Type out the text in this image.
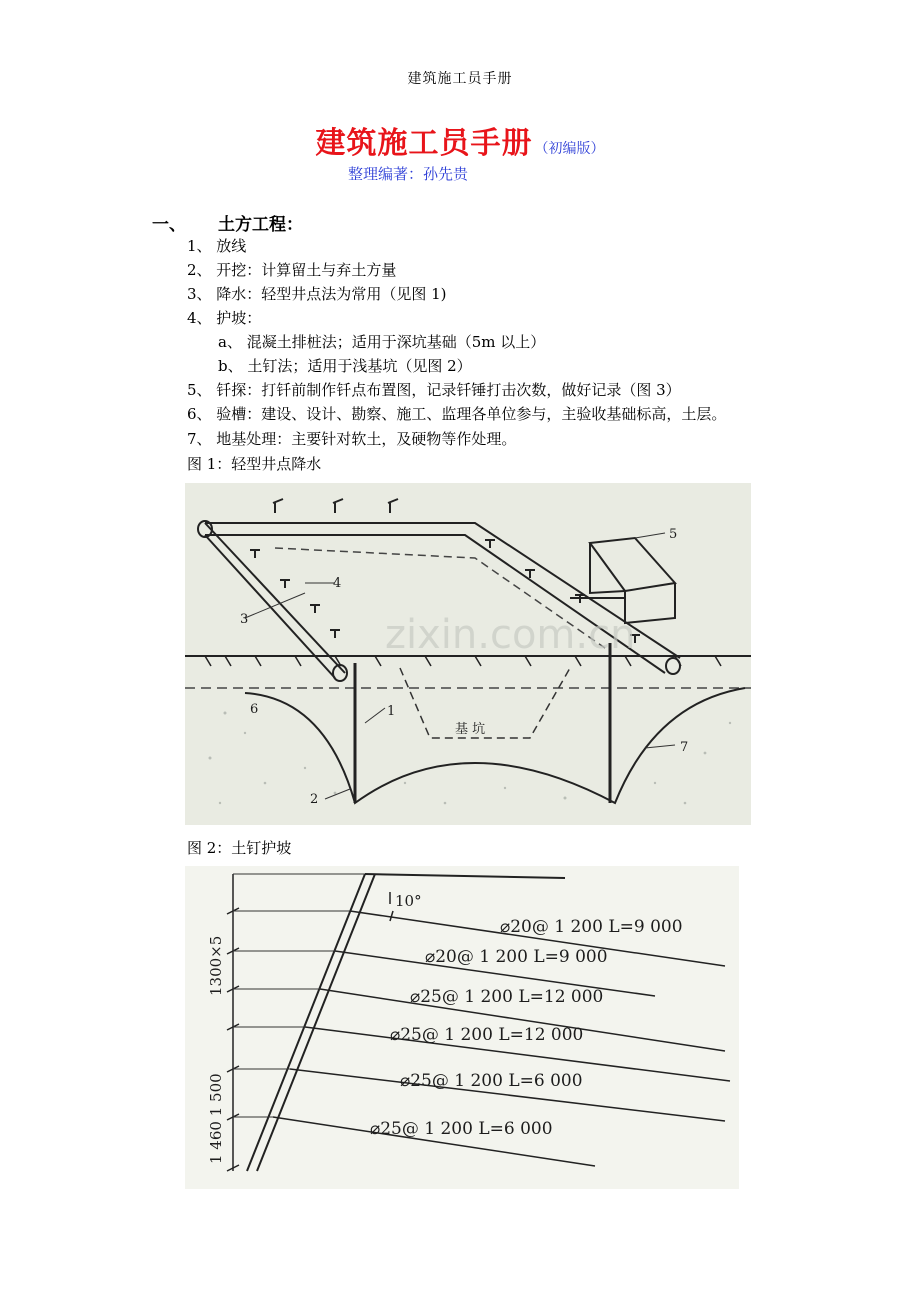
建筑施工员手册
建筑施工员手册 （初编版）
整理编著：孙先贵
一、 土方工程：
1、 放线
2、 开挖：计算留土与弃土方量
3、 降水：轻型井点法为常用（见图 1)
4、 护坡：
a、 混凝土排桩法；适用于深坑基础（5m 以上）
b、 土钉法；适用于浅基坑（见图 2）
5、 钎探：打钎前制作钎点布置图，记录钎锤打击次数，做好记录（图 3）
6、 验槽：建设、设计、勘察、施工、监理各单位参与，主验收基础标高，土层。
7、 地基处理：主要针对软土，及硬物等作处理。
图 1：轻型井点降水
5
4
3
1
2
6
7
基 坑
zixin.com.cn
图 2：土钉护坡
10°
⌀20@ 1 200 L=9 000
⌀20@ 1 200 L=9 000
⌀25@ 1 200 L=12 000
⌀25@ 1 200 L=12 000
⌀25@ 1 200 L=6 000
⌀25@ 1 200 L=6 000
1300×5
1 460 1 500
